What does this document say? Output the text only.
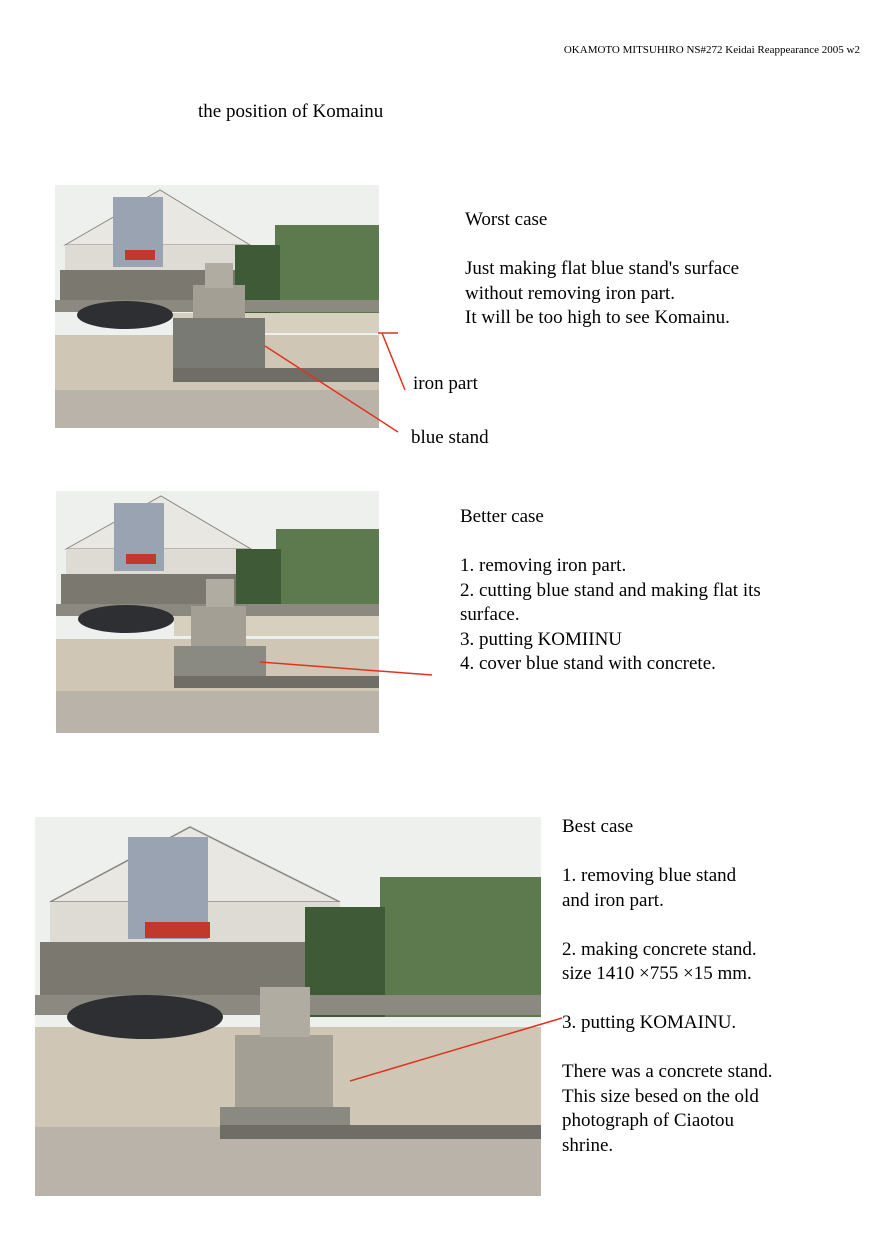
OKAMOTO MITSUHIRO NS#272 Keidai Reappearance 2005 w2
the position of Komainu

Worst case

Just making flat blue stand's surface

without removing iron part.

It will be too high to see Komainu.

iron part
blue stand

Better case

1. removing iron part.

2. cutting blue stand and making flat its

surface.

3. putting KOMIINU

4. cover blue stand with concrete.

Best case

1. removing blue stand

and iron part.

2. making concrete stand.

size 1410 ×755 ×15 mm.

3. putting KOMAINU.

There was a concrete stand.

This size besed on the old

photograph of Ciaotou

shrine.
